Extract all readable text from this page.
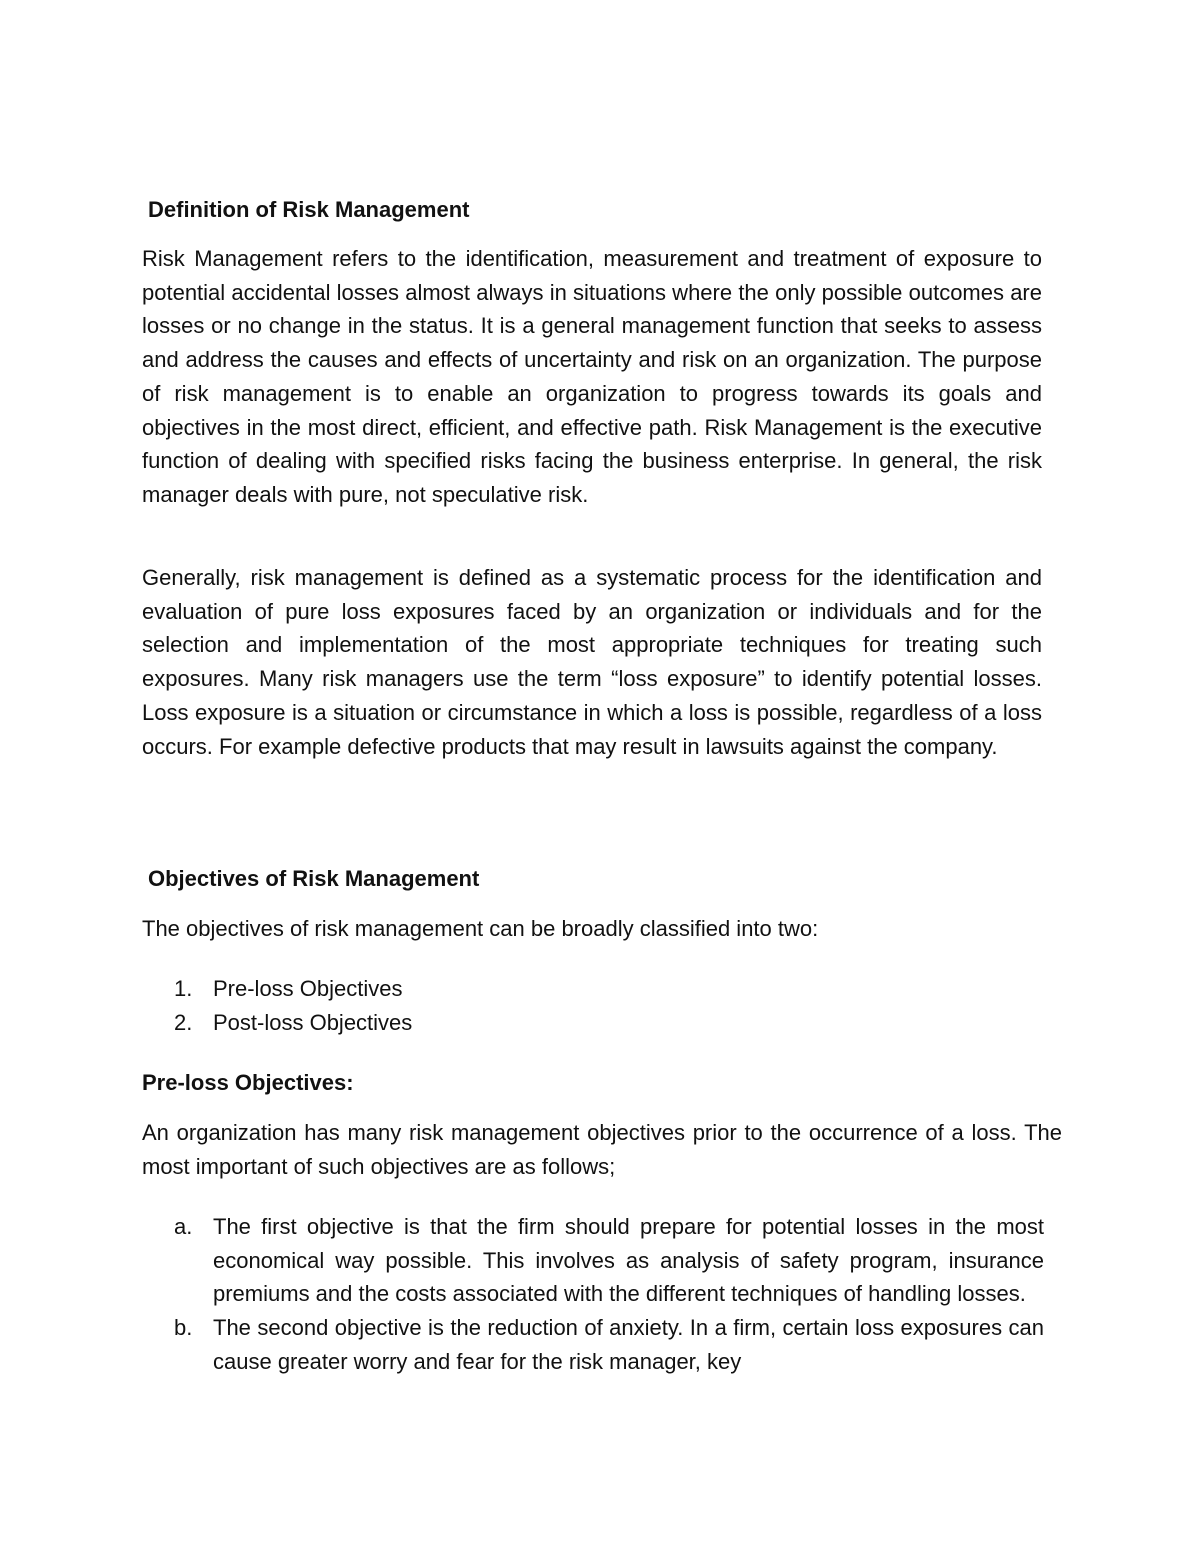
Definition of Risk Management

Risk Management refers to the identification, measurement and treatment of exposure to potential accidental losses almost always in situations where the only possible outcomes are losses or no change in the status. It is a general management function that seeks to assess and address the causes and effects of uncertainty and risk on an organization. The purpose of risk management is to enable an organization to progress towards its goals and objectives in the most direct, efficient, and effective path. Risk Management is the executive function of dealing with specified risks facing the business enterprise. In general, the risk manager deals with pure, not speculative risk.

Generally, risk management is defined as a systematic process for the identification and evaluation of pure loss exposures faced by an organization or individuals and for the selection and implementation of the most appropriate techniques for treating such exposures. Many risk managers use the term “loss exposure” to identify potential losses. Loss exposure is a situation or circumstance in which a loss is possible, regardless of a loss occurs. For example defective products that may result in lawsuits against the company.

Objectives of Risk Management

The objectives of risk management can be broadly classified into two:

1. Pre-loss Objectives
2. Post-loss Objectives
Pre-loss Objectives:

An organization has many risk management objectives prior to the occurrence of a loss. The most important of such objectives are as follows;

a. The first objective is that the firm should prepare for potential losses in the most economical way possible. This involves as analysis of safety program, insurance premiums and the costs associated with the different techniques of handling losses.
b. The second objective is the reduction of anxiety. In a firm, certain loss exposures can cause greater worry and fear for the risk manager, key
